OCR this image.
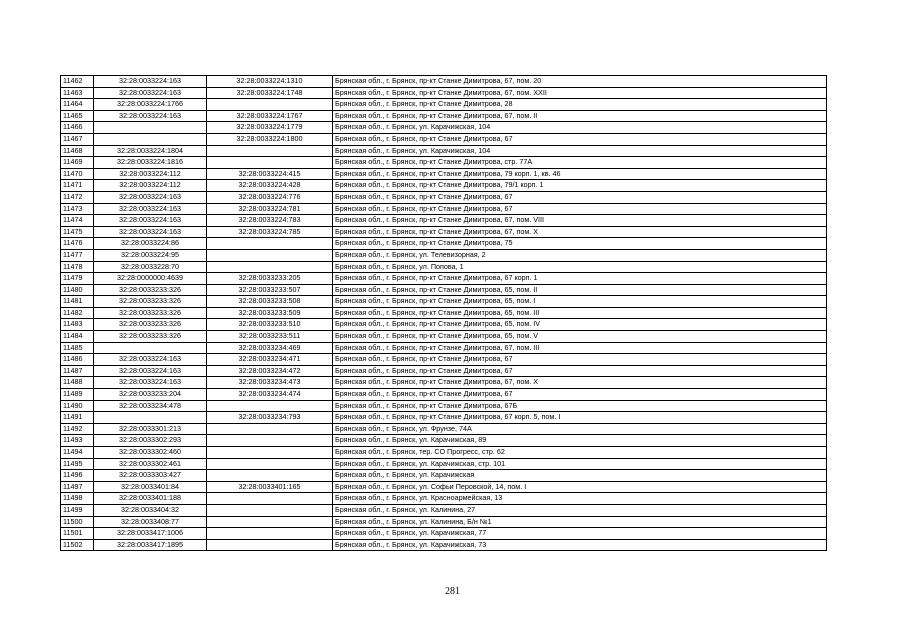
11462	32:28:0033224:163	32:28:0033224:1310	Брянская обл., г. Брянск, пр-кт Станке Димитрова, 67, пом. 20
11463	32:28:0033224:163	32:28:0033224:1748	Брянская обл., г. Брянск, пр-кт Станке Димитрова, 67, пом. XXII
11464	32:28:0033224:1766		Брянская обл., г. Брянск, пр-кт Станке Димитрова, 28
11465	32:28:0033224:163	32:28:0033224:1767	Брянская обл., г. Брянск, пр-кт Станке Димитрова, 67, пом. II
11466		32:28:0033224:1779	Брянская обл., г. Брянск, ул. Карачижская, 104
11467		32:28:0033224:1800	Брянская обл., г. Брянск, пр-кт Станке Димитрова, 67
11468	32:28:0033224:1804		Брянская обл., г. Брянск, ул. Карачижская, 104
11469	32:28:0033224:1816		Брянская обл., г. Брянск, пр-кт Станке Димитрова, стр. 77А
11470	32:28:0033224:112	32:28:0033224:415	Брянская обл., г. Брянск, пр-кт Станке Димитрова, 79 корп. 1, кв. 46
11471	32:28:0033224:112	32:28:0033224:428	Брянская обл., г. Брянск, пр-кт Станке Димитрова, 79/1 корп. 1
11472	32:28:0033224:163	32:28:0033224:776	Брянская обл., г. Брянск, пр-кт Станке Димитрова, 67
11473	32:28:0033224:163	32:28:0033224:781	Брянская обл., г. Брянск, пр-кт Станке Димитрова, 67
11474	32:28:0033224:163	32:28:0033224:783	Брянская обл., г. Брянск, пр-кт Станке Димитрова, 67, пом. VIII
11475	32:28:0033224:163	32:28:0033224:785	Брянская обл., г. Брянск, пр-кт Станке Димитрова, 67, пом. X
11476	32:28:0033224:86		Брянская обл., г. Брянск, пр-кт Станке Димитрова, 75
11477	32:28:0033224:95		Брянская обл., г. Брянск, ул. Телевизорная, 2
11478	32:28:0033228:70		Брянская обл., г. Брянск, ул. Попова, 1
11479	32:28:0000000:4639	32:28:0033233:205	Брянская обл., г. Брянск, пр-кт Станке Димитрова, 67 корп. 1
11480	32:28:0033233:326	32:28:0033233:507	Брянская обл., г. Брянск, пр-кт Станке Димитрова, 65, пом. II
11481	32:28:0033233:326	32:28:0033233:508	Брянская обл., г. Брянск, пр-кт Станке Димитрова, 65, пом. I
11482	32:28:0033233:326	32:28:0033233:509	Брянская обл., г. Брянск, пр-кт Станке Димитрова, 65, пом. III
11483	32:28:0033233:326	32:28:0033233:510	Брянская обл., г. Брянск, пр-кт Станке Димитрова, 65, пом. IV
11484	32:28:0033233:326	32:28:0033233:511	Брянская обл., г. Брянск, пр-кт Станке Димитрова, 65, пом. V
11485		32:28:0033234:469	Брянская обл., г. Брянск, пр-кт Станке Димитрова, 67, пом. III
11486	32:28:0033224:163	32:28:0033234:471	Брянская обл., г. Брянск, пр-кт Станке Димитрова, 67
11487	32:28:0033224:163	32:28:0033234:472	Брянская обл., г. Брянск, пр-кт Станке Димитрова, 67
11488	32:28:0033224:163	32:28:0033234:473	Брянская обл., г. Брянск, пр-кт Станке Димитрова, 67, пом. X
11489	32:28:0033233:204	32:28:0033234:474	Брянская обл., г. Брянск, пр-кт Станке Димитрова, 67
11490	32:28:0033234:478		Брянская обл., г. Брянск, пр-кт Станке Димитрова, 67Б
11491		32:28:0033234:793	Брянская обл., г. Брянск, пр-кт Станке Димитрова, 67 корп. 5, пом. I
11492	32:28:0033301:213		Брянская обл., г. Брянск, ул. Фрунзе, 74А
11493	32:28:0033302:293		Брянская обл., г. Брянск, ул. Карачижская, 89
11494	32:28:0033302:460		Брянская обл., г. Брянск, тер. СО Прогресс, стр. 62
11495	32:28:0033302:461		Брянская обл., г. Брянск, ул. Карачижская, стр. 101
11496	32:28:0033303:427		Брянская обл., г. Брянск, ул. Карачижская
11497	32:28:0033401:84	32:28:0033401:165	Брянская обл., г. Брянск, ул. Софьи Перовской, 14, пом. I
11498	32:28:0033401:188		Брянская обл., г. Брянск, ул. Красноармейская, 13
11499	32:28:0033404:32		Брянская обл., г. Брянск, ул. Калинина, 27
11500	32:28:0033408:77		Брянская обл., г. Брянск, ул. Калинина, Б/н №1
11501	32:28:0033417:1006		Брянская обл., г. Брянск, ул. Карачижская, 77
11502	32:28:0033417:1895		Брянская обл., г. Брянск, ул. Карачижская, 73
281
